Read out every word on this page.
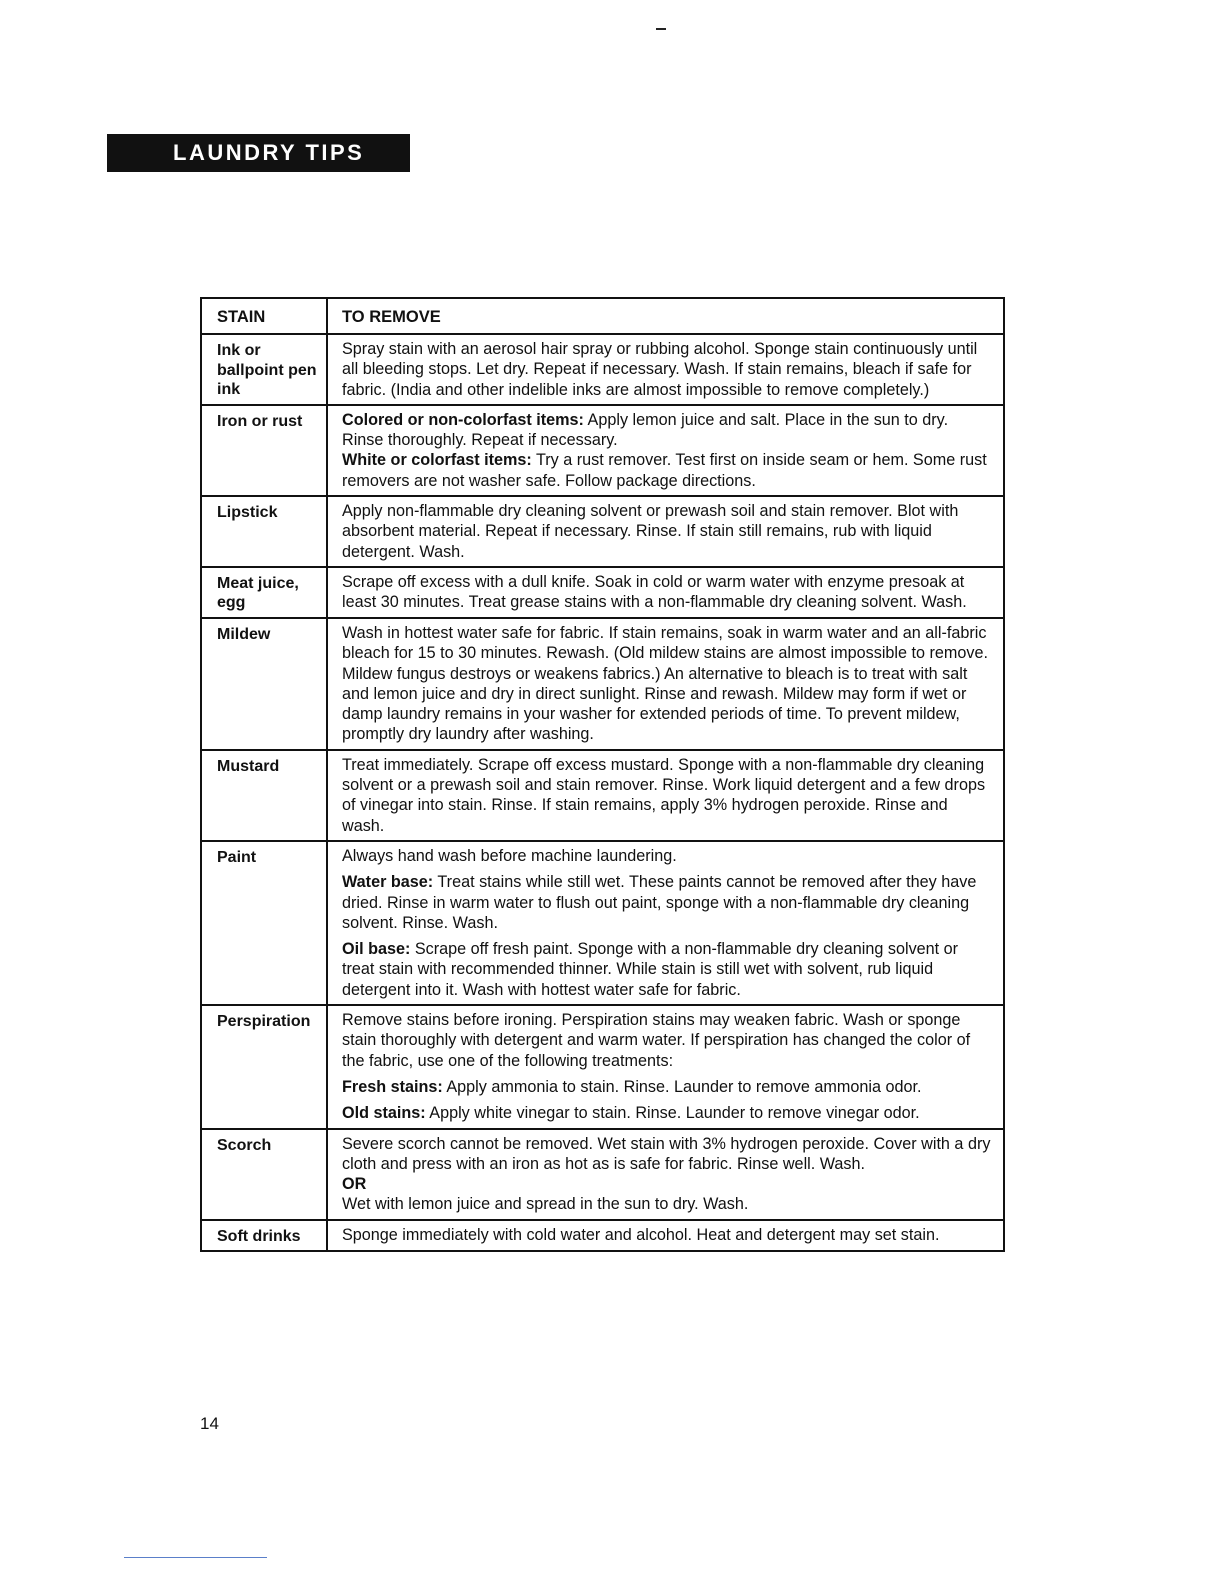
LAUNDRY TIPS
STAIN	TO REMOVE
Ink or ballpoint pen ink	Spray stain with an aerosol hair spray or rubbing alcohol. Sponge stain continuously until all bleeding stops. Let dry. Repeat if necessary. Wash. If stain remains, bleach if safe for fabric. (India and other indelible inks are almost impossible to remove completely.)

Iron or rust	Colored or non-colorfast items: Apply lemon juice and salt. Place in the sun to dry. Rinse thoroughly. Repeat if necessary.

White or colorfast items: Try a rust remover. Test first on inside seam or hem. Some rust removers are not washer safe. Follow package directions.

Lipstick	Apply non-flammable dry cleaning solvent or prewash soil and stain remover. Blot with absorbent material. Repeat if necessary. Rinse. If stain still remains, rub with liquid detergent. Wash.

Meat juice, egg	Scrape off excess with a dull knife. Soak in cold or warm water with enzyme presoak at least 30 minutes. Treat grease stains with a non-flammable dry cleaning solvent. Wash.

Mildew	Wash in hottest water safe for fabric. If stain remains, soak in warm water and an all-fabric bleach for 15 to 30 minutes. Rewash. (Old mildew stains are almost impossible to remove. Mildew fungus destroys or weakens fabrics.) An alternative to bleach is to treat with salt and lemon juice and dry in direct sunlight. Rinse and rewash. Mildew may form if wet or damp laundry remains in your washer for extended periods of time. To prevent mildew, promptly dry laundry after washing.

Mustard	Treat immediately. Scrape off excess mustard. Sponge with a non-flammable dry cleaning solvent or a prewash soil and stain remover. Rinse. Work liquid detergent and a few drops of vinegar into stain. Rinse. If stain remains, apply 3% hydrogen peroxide. Rinse and wash.

Paint	Always hand wash before machine laundering.

Water base: Treat stains while still wet. These paints cannot be removed after they have dried. Rinse in warm water to flush out paint, sponge with a non-flammable dry cleaning solvent. Rinse. Wash.

Oil base: Scrape off fresh paint. Sponge with a non-flammable dry cleaning solvent or treat stain with recommended thinner. While stain is still wet with solvent, rub liquid detergent into it. Wash with hottest water safe for fabric.

Perspiration	Remove stains before ironing. Perspiration stains may weaken fabric. Wash or sponge stain thoroughly with detergent and warm water. If perspiration has changed the color of the fabric, use one of the following treatments:

Fresh stains: Apply ammonia to stain. Rinse. Launder to remove ammonia odor.

Old stains: Apply white vinegar to stain. Rinse. Launder to remove vinegar odor.

Scorch	Severe scorch cannot be removed. Wet stain with 3% hydrogen peroxide. Cover with a dry cloth and press with an iron as hot as is safe for fabric. Rinse well. Wash.

OR

Wet with lemon juice and spread in the sun to dry. Wash.

Soft drinks	Sponge immediately with cold water and alcohol. Heat and detergent may set stain.

14
